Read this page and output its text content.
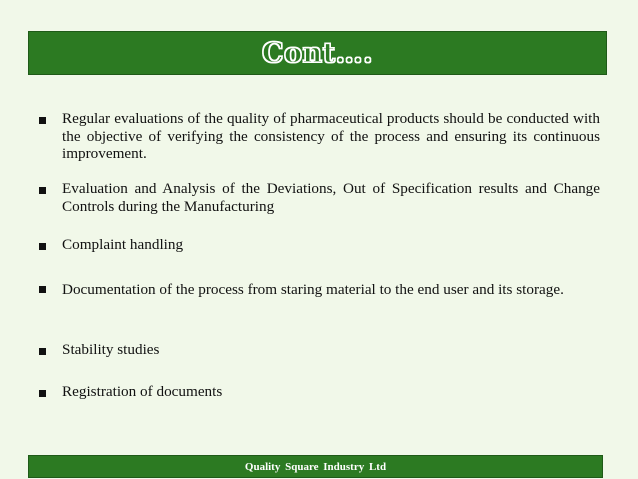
Cont….
Regular evaluations of the quality of pharmaceutical products should be conducted with the objective of verifying the consistency of the process and ensuring its continuous improvement.
Evaluation and Analysis of the Deviations, Out of Specification results and Change Controls during the Manufacturing
Complaint handling
Documentation of the process from staring material to the end user and its storage.
Stability studies
Registration of documents
Quality Square Industry Ltd
